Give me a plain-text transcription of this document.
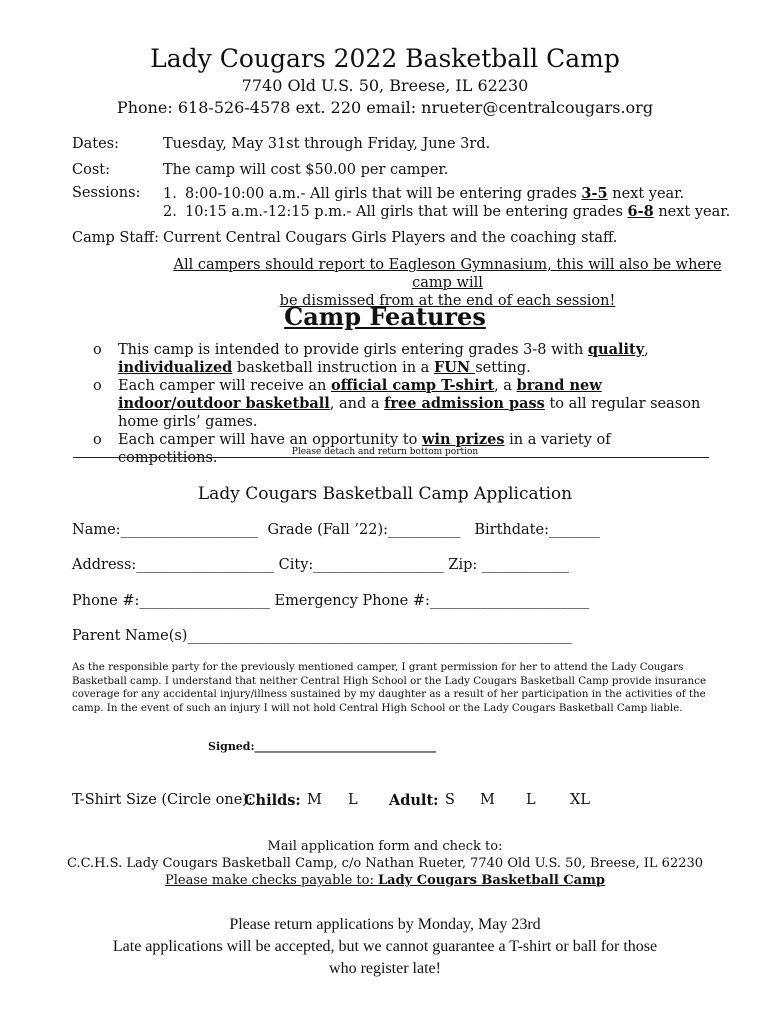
Lady Cougars 2022 Basketball Camp
7740 Old U.S. 50, Breese, IL 62230
Phone: 618-526-4578 ext. 220 email: nrueter@centralcougars.org
Dates:	Tuesday, May 31st through Friday, June 3rd.
Cost:	The camp will cost $50.00 per camper.
Sessions:	1. 8:00-10:00 a.m.- All girls that will be entering grades 3-5 next year.
2. 10:15 a.m.-12:15 p.m.- All girls that will be entering grades 6-8 next year.
Camp Staff: Current Central Cougars Girls Players and the coaching staff.
All campers should report to Eagleson Gymnasium, this will also be where camp will
be dismissed from at the end of each session!
Camp Features
o This camp is intended to provide girls entering grades 3-8 with quality,
individualized basketball instruction in a FUN setting.
o Each camper will receive an official camp T-shirt, a brand new indoor/outdoor basketball, and a free admission pass to all regular season home girls’ games.
o Each camper will have an opportunity to win prizes in a variety of competitions.	Please detach and return bottom portion
Lady Cougars Basketball Camp Application
Name:___________________  Grade (Fall ’22):__________   Birthdate:_______
Address:___________________ City:__________________ Zip: ____________
Phone #:__________________ Emergency Phone #:______________________
Parent Name(s)_____________________________________________________
As the responsible party for the previously mentioned camper, I grant permission for her to attend the Lady Cougars Basketball camp. I understand that neither Central High School or the Lady Cougars Basketball Camp provide insurance coverage for any accidental injury/illness sustained by my daughter as a result of her participation in the activities of the camp. In the event of such an injury I will not hold Central High School or the Lady Cougars Basketball Camp liable.
Signed:_________________________________
T-Shirt Size (Circle one):
Childs: M L Adult: S M L XL
Mail application form and check to:
C.C.H.S. Lady Cougars Basketball Camp, c/o Nathan Rueter, 7740 Old U.S. 50, Breese, IL 62230
Please make checks payable to: Lady Cougars Basketball Camp
Please return applications by Monday, May 23rd
Late applications will be accepted, but we cannot guarantee a T-shirt or ball for those
who register late!
